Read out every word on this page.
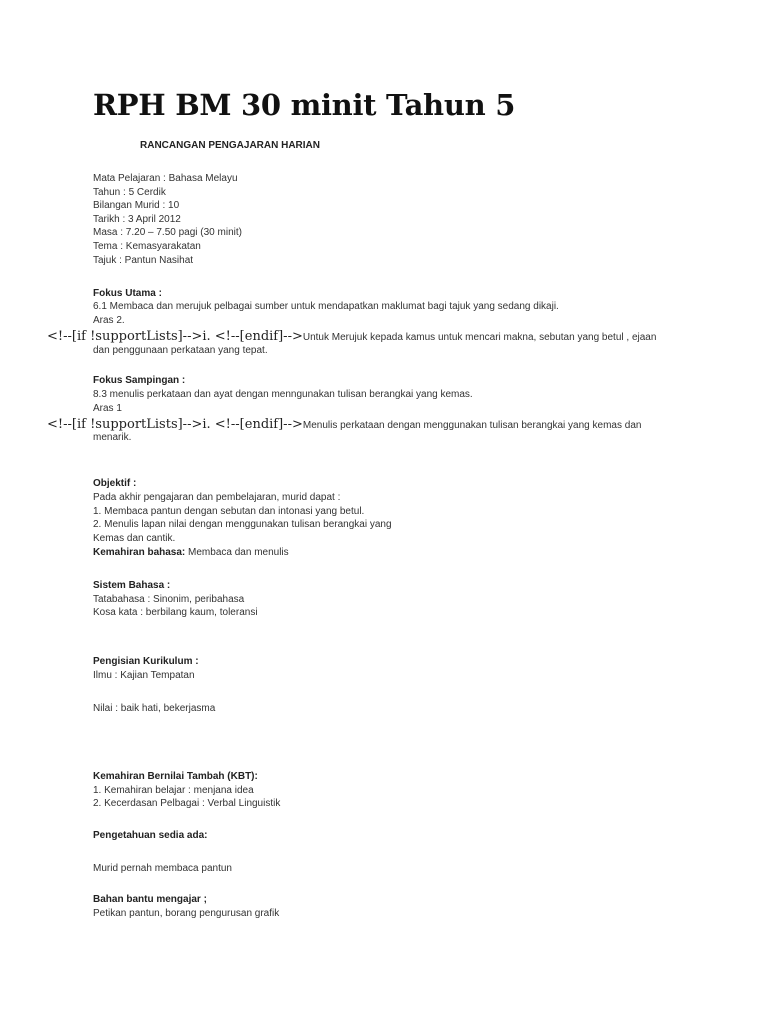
RPH BM 30 minit Tahun 5
RANCANGAN PENGAJARAN HARIAN
Mata Pelajaran : Bahasa Melayu
Tahun : 5 Cerdik
Bilangan Murid : 10
Tarikh : 3 April 2012
Masa : 7.20 – 7.50 pagi (30 minit)
Tema : Kemasyarakatan
Tajuk : Pantun Nasihat
Fokus Utama :
6.1 Membaca dan merujuk pelbagai sumber untuk mendapatkan maklumat bagi tajuk yang sedang dikaji.
Aras 2.
<!--[if !supportLists]-->i. <!--[endif]-->Untuk Merujuk kepada kamus untuk mencari makna, sebutan yang betul , ejaan
dan penggunaan perkataan yang tepat.
Fokus Sampingan :
8.3 menulis perkataan dan ayat dengan menngunakan tulisan berangkai yang kemas.
Aras 1
<!--[if !supportLists]-->i. <!--[endif]-->Menulis perkataan dengan menggunakan tulisan berangkai yang kemas dan
menarik.
Objektif :
Pada akhir pengajaran dan pembelajaran, murid dapat :
1. Membaca pantun dengan sebutan dan intonasi yang betul.
2. Menulis lapan nilai dengan menggunakan tulisan berangkai yang
Kemas dan cantik.
Kemahiran bahasa: Membaca dan menulis
Sistem Bahasa :
Tatabahasa : Sinonim, peribahasa
Kosa kata : berbilang kaum, toleransi
Pengisian Kurikulum :
Ilmu : Kajian Tempatan
Nilai : baik hati, bekerjasma
Kemahiran Bernilai Tambah (KBT):
1. Kemahiran belajar : menjana idea
2. Kecerdasan Pelbagai : Verbal Linguistik
Pengetahuan sedia ada:
Murid pernah membaca pantun
Bahan bantu mengajar ;
Petikan pantun, borang pengurusan grafik
